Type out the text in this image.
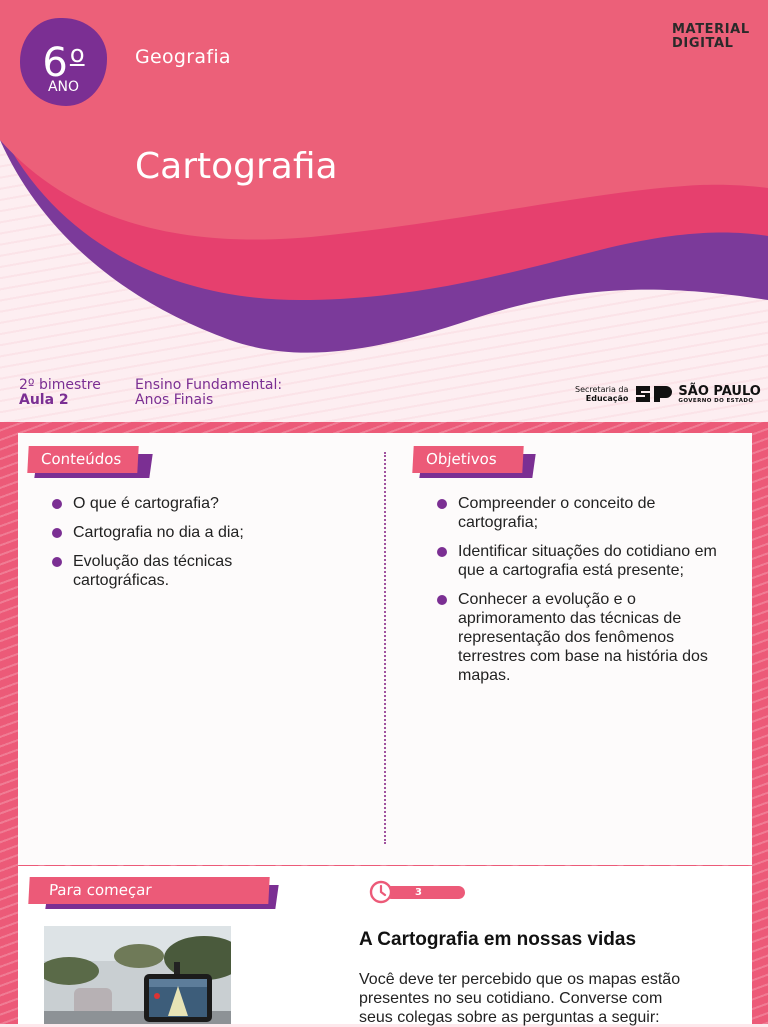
6$^o$
ANO
Geografia
Cartografia
MATERIAL
DIGITAL
2º bimestre
Aula 2
Ensino Fundamental:
Anos Finais
Secretaria da
Educação	SÃO PAULO
GOVERNO DO ESTADO
Conteúdos
O que é cartografia?
Cartografia no dia a dia;
Evolução das técnicas cartográficas.
Objetivos
Compreender o conceito de cartografia;
Identificar situações do cotidiano em que a cartografia está presente;
Conhecer a evolução e o aprimoramento das técnicas de representação dos fenômenos terrestres com base na história dos mapas.
Para começar	3 minutos
A Cartografia em nossas vidas
Você deve ter percebido que os mapas estão presentes no seu cotidiano. Converse com seus colegas sobre as perguntas a seguir:
